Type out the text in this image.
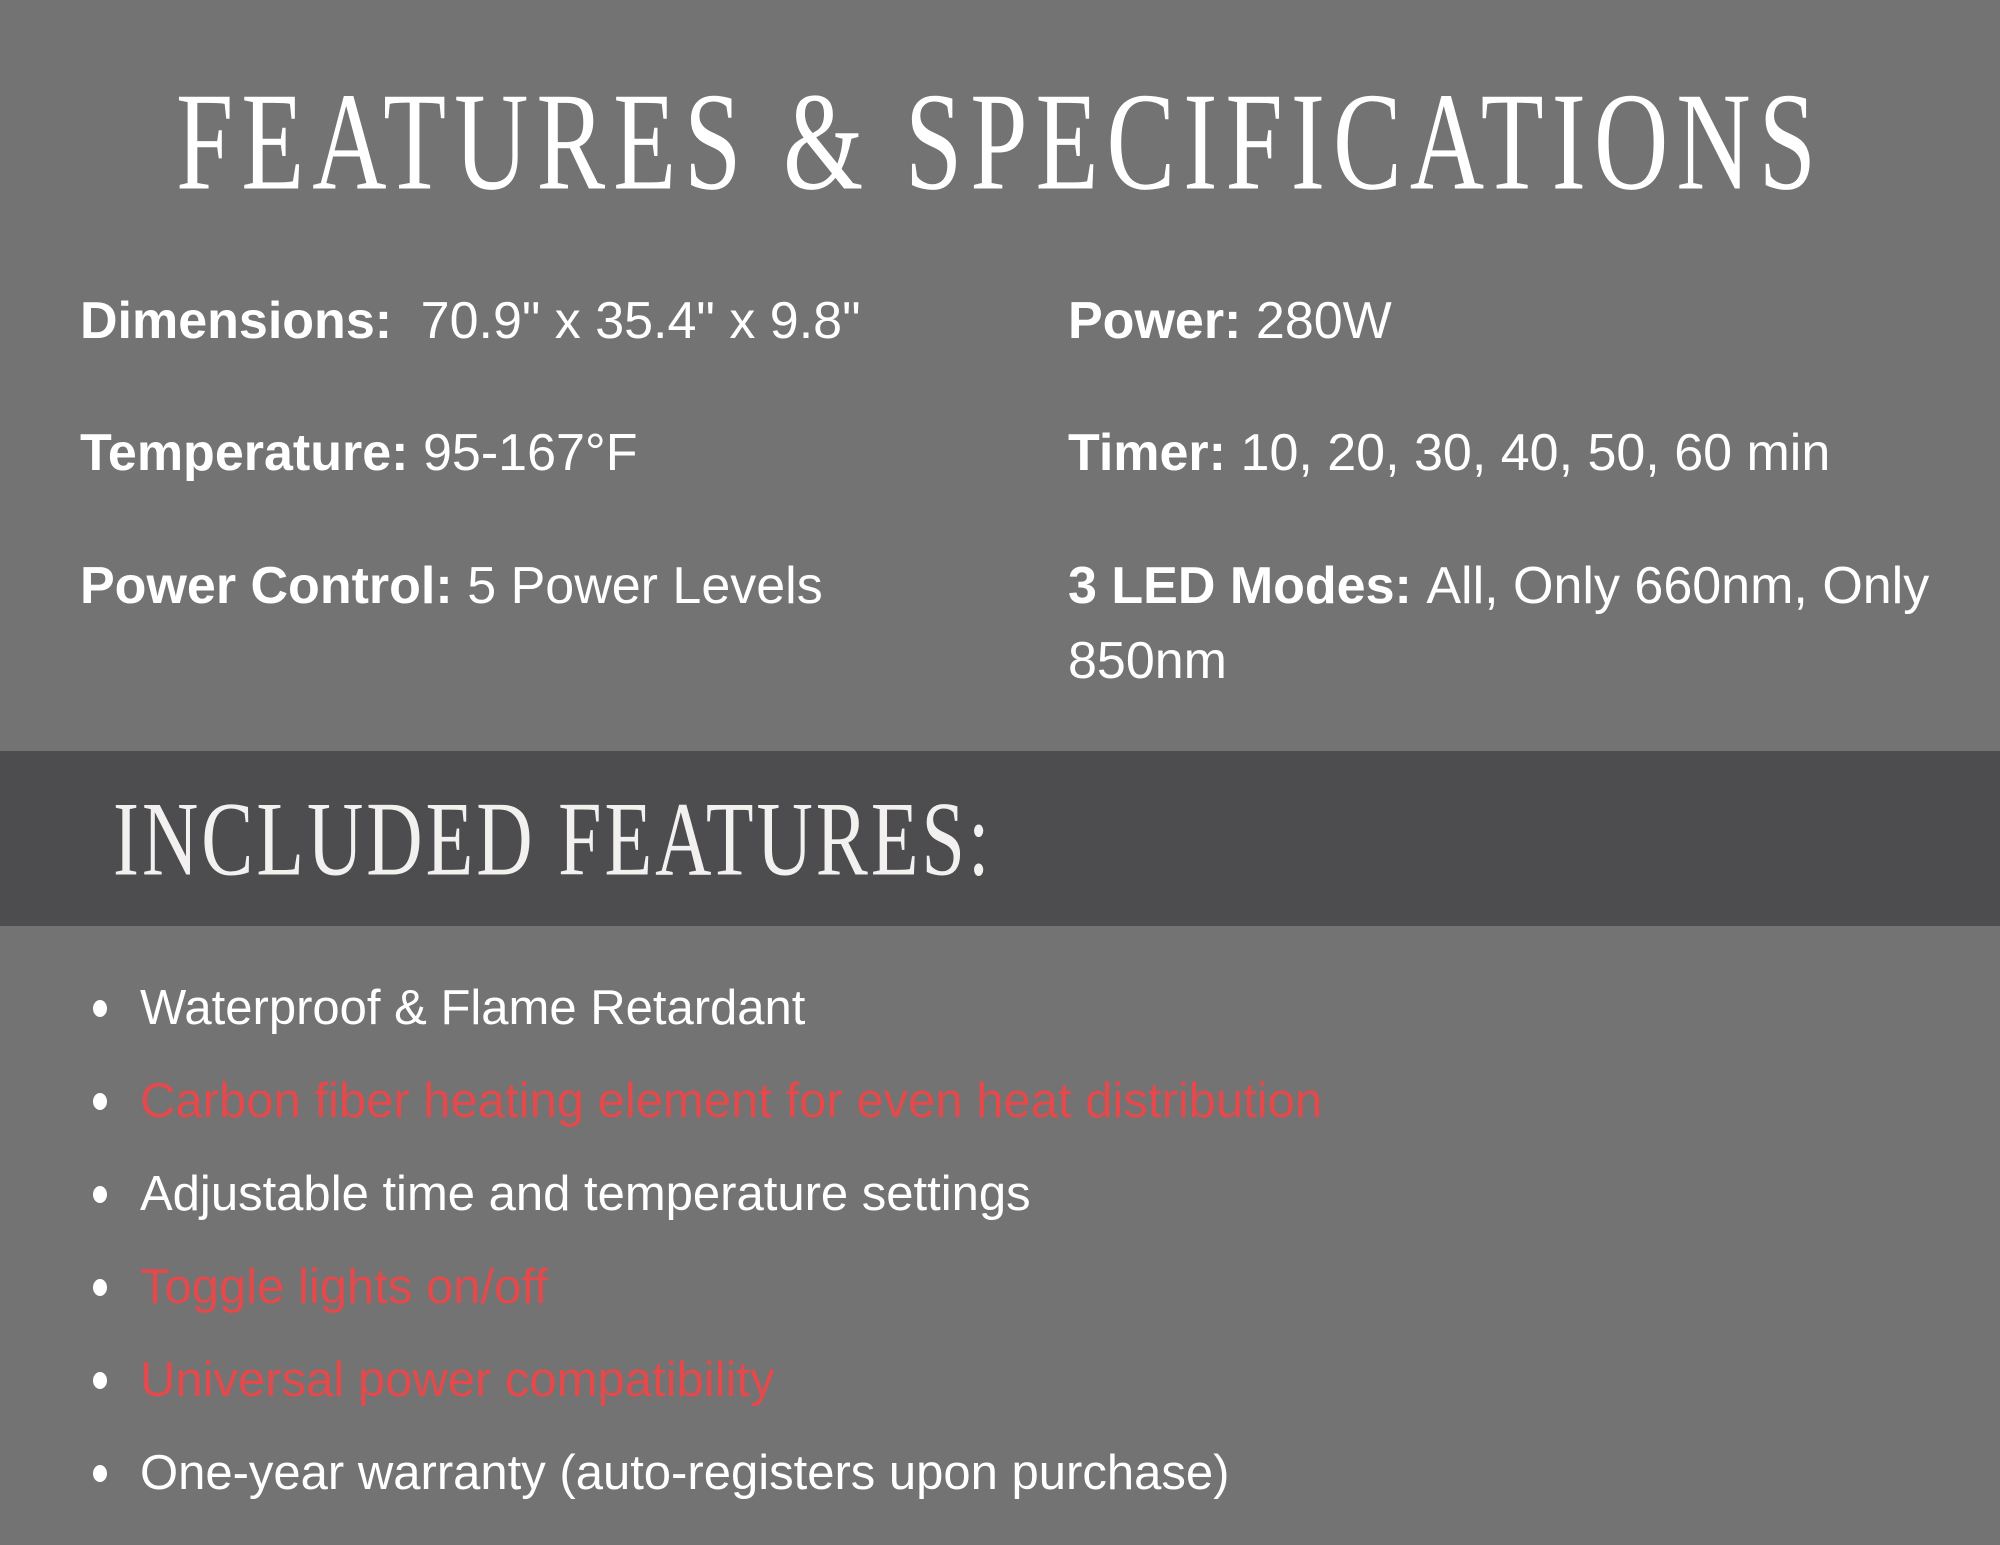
FEATURES & SPECIFICATIONS

Dimensions: 70.9" x 35.4" x 9.8"	Power: 280W

Temperature: 95-167°F	Timer: 10, 20, 30, 40, 50, 60 min

Power Control: 5 Power Levels	3 LED Modes: All, Only 660nm, Only 850nm

INCLUDED FEATURES:
Waterproof & Flame Retardant
Carbon fiber heating element for even heat distribution
Adjustable time and temperature settings
Toggle lights on/off
Universal power compatibility
One-year warranty (auto-registers upon purchase)
